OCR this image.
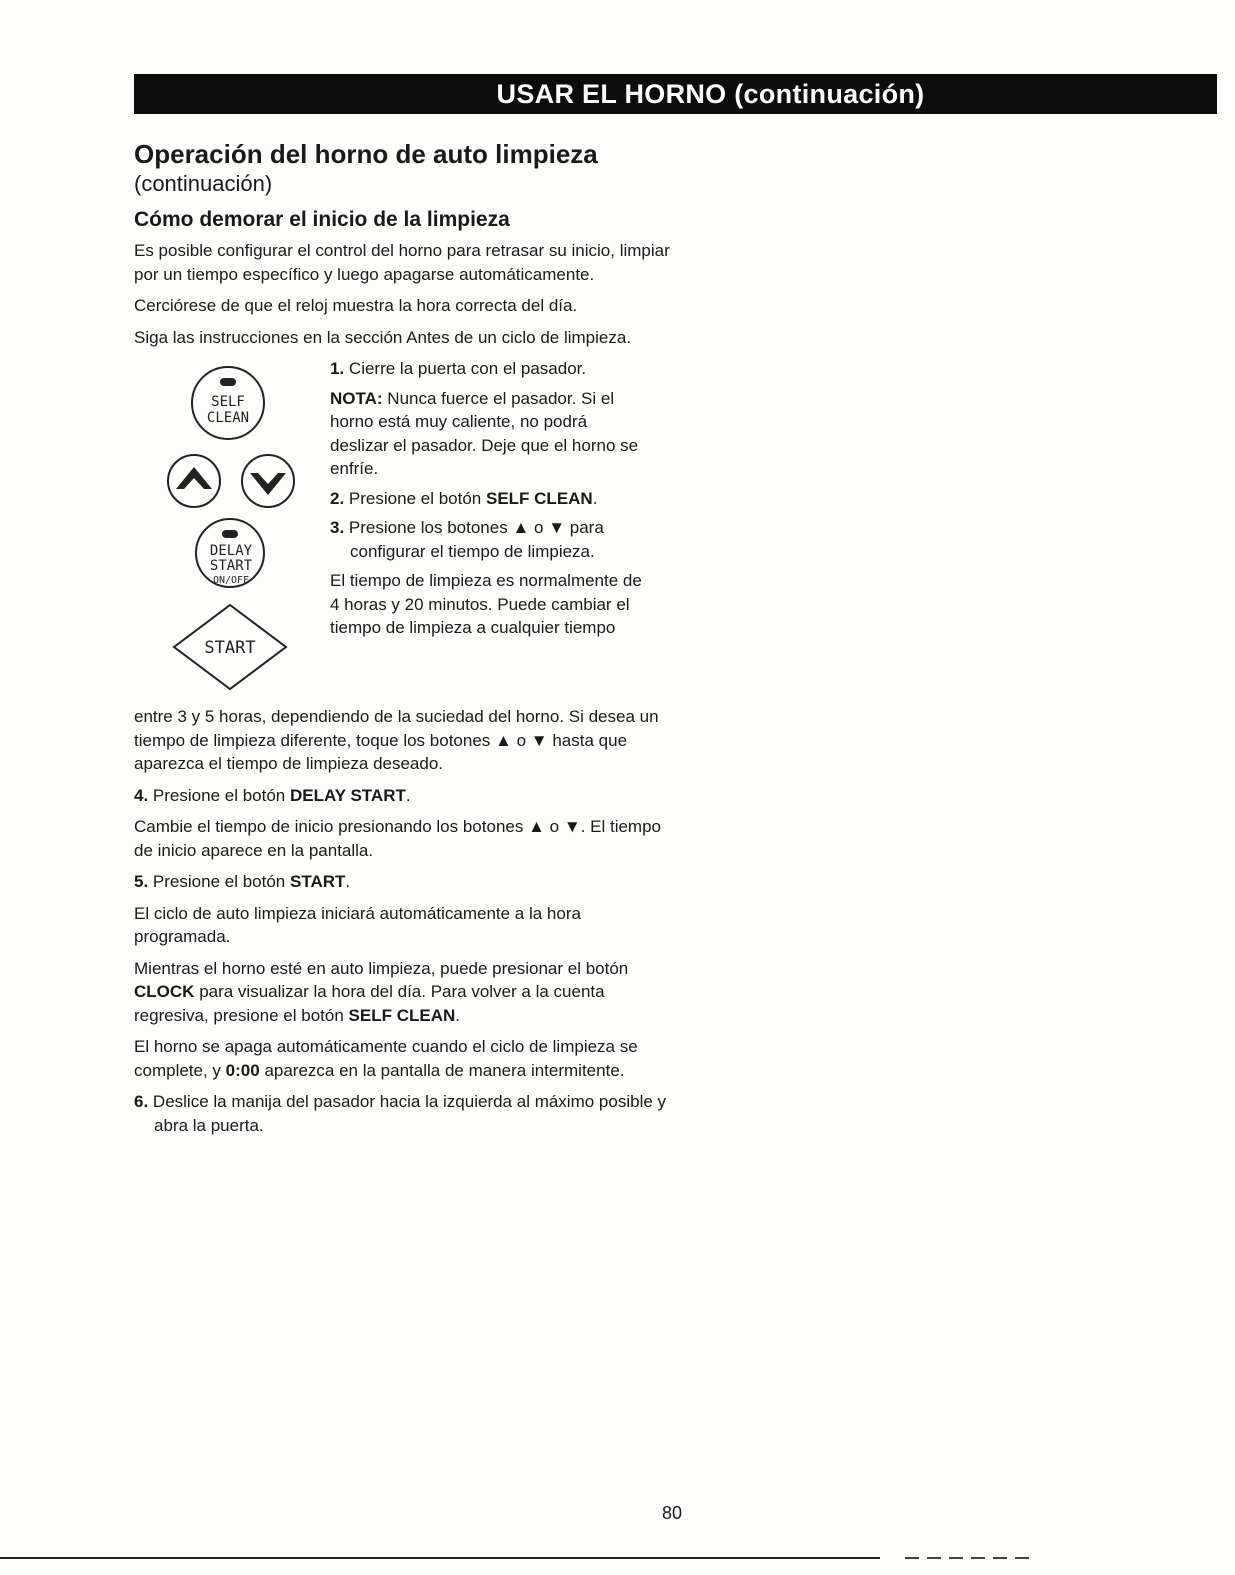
USAR EL HORNO (continuación)
Operación del horno de auto limpieza
(continuación)
Cómo demorar el inicio de la limpieza

Es posible configurar el control del horno para retrasar su inicio, limpiar por un tiempo específico y luego apagarse automáticamente.

Cerciórese de que el reloj muestra la hora correcta del día.

Siga las instrucciones en la sección Antes de un ciclo de limpieza.

SELF
CLEAN
DELAY
START
ON/OFF
START

1. Cierre la puerta con el pasador.

NOTA: Nunca fuerce el pasador. Si el horno está muy caliente, no podrá deslizar el pasador. Deje que el horno se enfríe.

2. Presione el botón SELF CLEAN.

3. Presione los botones ▲ o ▼ para configurar el tiempo de limpieza.

El tiempo de limpieza es normalmente de 4 horas y 20 minutos. Puede cambiar el tiempo de limpieza a cualquier tiempo

entre 3 y 5 horas, dependiendo de la suciedad del horno. Si desea un tiempo de limpieza diferente, toque los botones ▲ o ▼ hasta que aparezca el tiempo de limpieza deseado.

4. Presione el botón DELAY START.

Cambie el tiempo de inicio presionando los botones ▲ o ▼. El tiempo de inicio aparece en la pantalla.

5. Presione el botón START.

El ciclo de auto limpieza iniciará automáticamente a la hora programada.

Mientras el horno esté en auto limpieza, puede presionar el botón CLOCK para visualizar la hora del día. Para volver a la cuenta regresiva, presione el botón SELF CLEAN.

El horno se apaga automáticamente cuando el ciclo de limpieza se complete, y 0:00 aparezca en la pantalla de manera intermitente.

6. Deslice la manija del pasador hacia la izquierda al máximo posible y abra la puerta.

80
